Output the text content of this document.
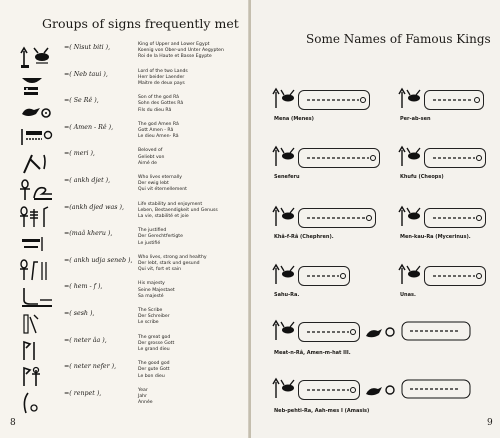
Groups of signs frequently met
=( Nisut biti ),	King of Upper and Lower Egypt
Koenig von Ober-und Unter Aegypten
Roi de la Haute et Basse Egypte
=( Neb taui ),	Lord of the two Lands
Herr beider Laender
Maitre de deux pays
=( Se Rê ),	Son of the god Râ
Sohn des Gottes Râ
Fils du dieu Râ
=( Amen - Rê ),	The god Amen Râ
Gott Amen - Râ
Le dieu Amen- Râ
=( meri ),	Beloved of
Geliebt von
Aimé de
=( ankh djet ),	Who lives eternally
Der ewig lebt
Qui vit éternellement
=(ankh djed was ),	Life stability and enjoyment
Leben, Bestaendigkeit und Genuss
La vie, stabilité et joie
=(maâ kheru ),	The justified
Der Gerechtfertigte
Le justifié
=( ankh udja seneb ), Who lives, strong and healthy
Der lebt, stark und gesund
Qui vit, fort et sain
=( hem - f ),	His majesty
Seine Majestaet
Sa majesté
=( sesh ),	The Scribe
Der Schreiber
Le scribe
=( neter âa ),	The great god
Der grosse Gott
Le grand dieu
=( neter nefer ),	The good god
Der gute Gott
Le bon dieu
=( renpet ),	Year
Jahr
Année
8	9
Some Names of Famous Kings
Mena (Menes)	Per-ab-sen
Seneferu	Khufu (Cheops)
Khâ-f-Râ (Chephren).	Men-kau-Ra (Mycerinus).
Sahu-Ra.	Unas.
Meat-n-Râ, Amen-m-hat III.
Neb-pehti-Ra, Aah-mes I (Amasis)
